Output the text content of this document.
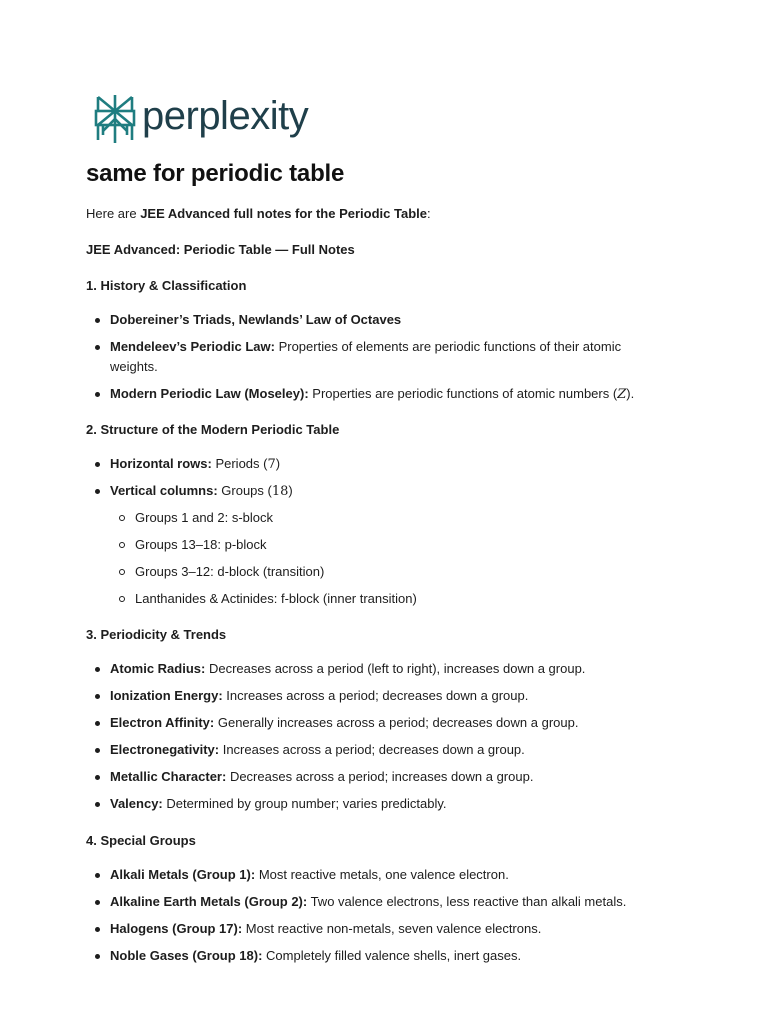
perplexity
same for periodic table

Here are JEE Advanced full notes for the Periodic Table:

JEE Advanced: Periodic Table — Full Notes

1. History & Classification

Dobereiner’s Triads, Newlands’ Law of Octaves
Mendeleev’s Periodic Law: Properties of elements are periodic functions of their atomic weights.
Modern Periodic Law (Moseley): Properties are periodic functions of atomic numbers (Z).

2. Structure of the Modern Periodic Table

Horizontal rows: Periods (7)
Vertical columns: Groups (18)
Groups 1 and 2: s-block
Groups 13–18: p-block
Groups 3–12: d-block (transition)
Lanthanides & Actinides: f-block (inner transition)

3. Periodicity & Trends

Atomic Radius: Decreases across a period (left to right), increases down a group.
Ionization Energy: Increases across a period; decreases down a group.
Electron Affinity: Generally increases across a period; decreases down a group.
Electronegativity: Increases across a period; decreases down a group.
Metallic Character: Decreases across a period; increases down a group.
Valency: Determined by group number; varies predictably.

4. Special Groups

Alkali Metals (Group 1): Most reactive metals, one valence electron.
Alkaline Earth Metals (Group 2): Two valence electrons, less reactive than alkali metals.
Halogens (Group 17): Most reactive non-metals, seven valence electrons.
Noble Gases (Group 18): Completely filled valence shells, inert gases.
